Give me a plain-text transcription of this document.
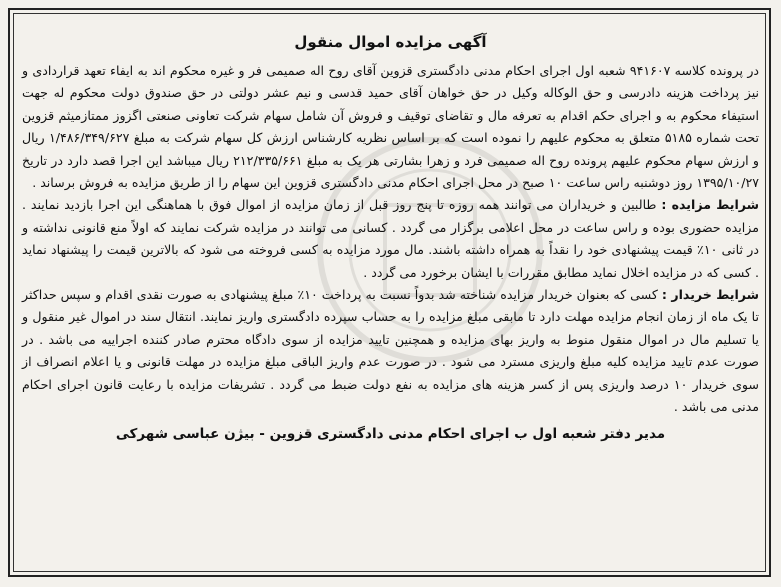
آگهی مزایده اموال منقول

در پرونده کلاسه ۹۴۱۶۰۷ شعبه اول اجرای احکام مدنی دادگستری قزوین آقای روح اله صمیمی فر و غیره محکوم اند به ایفاء تعهد قراردادی و نیز پرداخت هزینه دادرسی و حق الوکاله وکیل در حق خواهان آقای حمید قدسی و نیم عشر دولتی در حق صندوق دولت محکوم له جهت استیفاء محکوم به و اجرای حکم اقدام به تعرفه مال و تقاضای توقیف و فروش آن شامل سهام شرکت تعاونی صنعتی اگزوز ممتازمیثم قزوین تحت شماره ۵۱۸۵ متعلق به محکوم علیهم را نموده است که بر اساس نظریه کارشناس ارزش کل سهام شرکت به مبلغ ۱/۴۸۶/۳۴۹/۶۲۷ ریال و ارزش سهام محکوم علیهم پرونده روح اله صمیمی فرد و زهرا بشارتی هر یک به مبلغ ۲۱۲/۳۳۵/۶۶۱ ریال میباشد این اجرا قصد دارد در تاریخ ۱۳۹۵/۱۰/۲۷ روز دوشنبه راس ساعت ۱۰ صبح در محل اجرای احکام مدنی دادگستری قزوین این سهام را از طریق مزایده به فروش برساند .

شرایط مزایده : طالبین و خریداران می توانند همه روزه تا پنج روز قبل از زمان مزایده از اموال فوق با هماهنگی این اجرا بازدید نمایند . مزایده حضوری بوده و راس ساعت در محل اعلامی برگزار می گردد . کسانی می توانند در مزایده شرکت نمایند که اولاً منع قانونی نداشته و در ثانی ۱۰٪ قیمت پیشنهادی خود را نقداً به همراه داشته باشند. مال مورد مزایده به کسی فروخته می شود که بالاترین قیمت را پیشنهاد نماید . کسی که در مزایده اخلال نماید مطابق مقررات با ایشان برخورد می گردد .

شرایط خریدار : کسی که بعنوان خریدار مزایده شناخته شد بدواً نسبت به پرداخت ۱۰٪ مبلغ پیشنهادی به صورت نقدی اقدام و سپس حداکثر تا یک ماه از زمان انجام مزایده مهلت دارد تا مابقی مبلغ مزایده را به حساب سپرده دادگستری واریز نمایند. انتقال سند در اموال غیر منقول و یا تسلیم مال در اموال منقول منوط به واریز بهای مزایده و همچنین تایید مزایده از سوی دادگاه محترم صادر کننده اجراییه می باشد . در صورت عدم تایید مزایده کلیه مبلغ واریزی مسترد می شود . در صورت عدم واریز الباقی مبلغ مزایده در مهلت قانونی و یا اعلام انصراف از سوی خریدار ۱۰ درصد واریزی پس از کسر هزینه های مزایده به نفع دولت ضبط می گردد . تشریفات مزایده با رعایت قانون اجرای احکام مدنی می باشد .

مدیر دفتر شعبه اول ب اجرای احکام مدنی دادگستری قزوین - بیژن عباسی شهرکی
